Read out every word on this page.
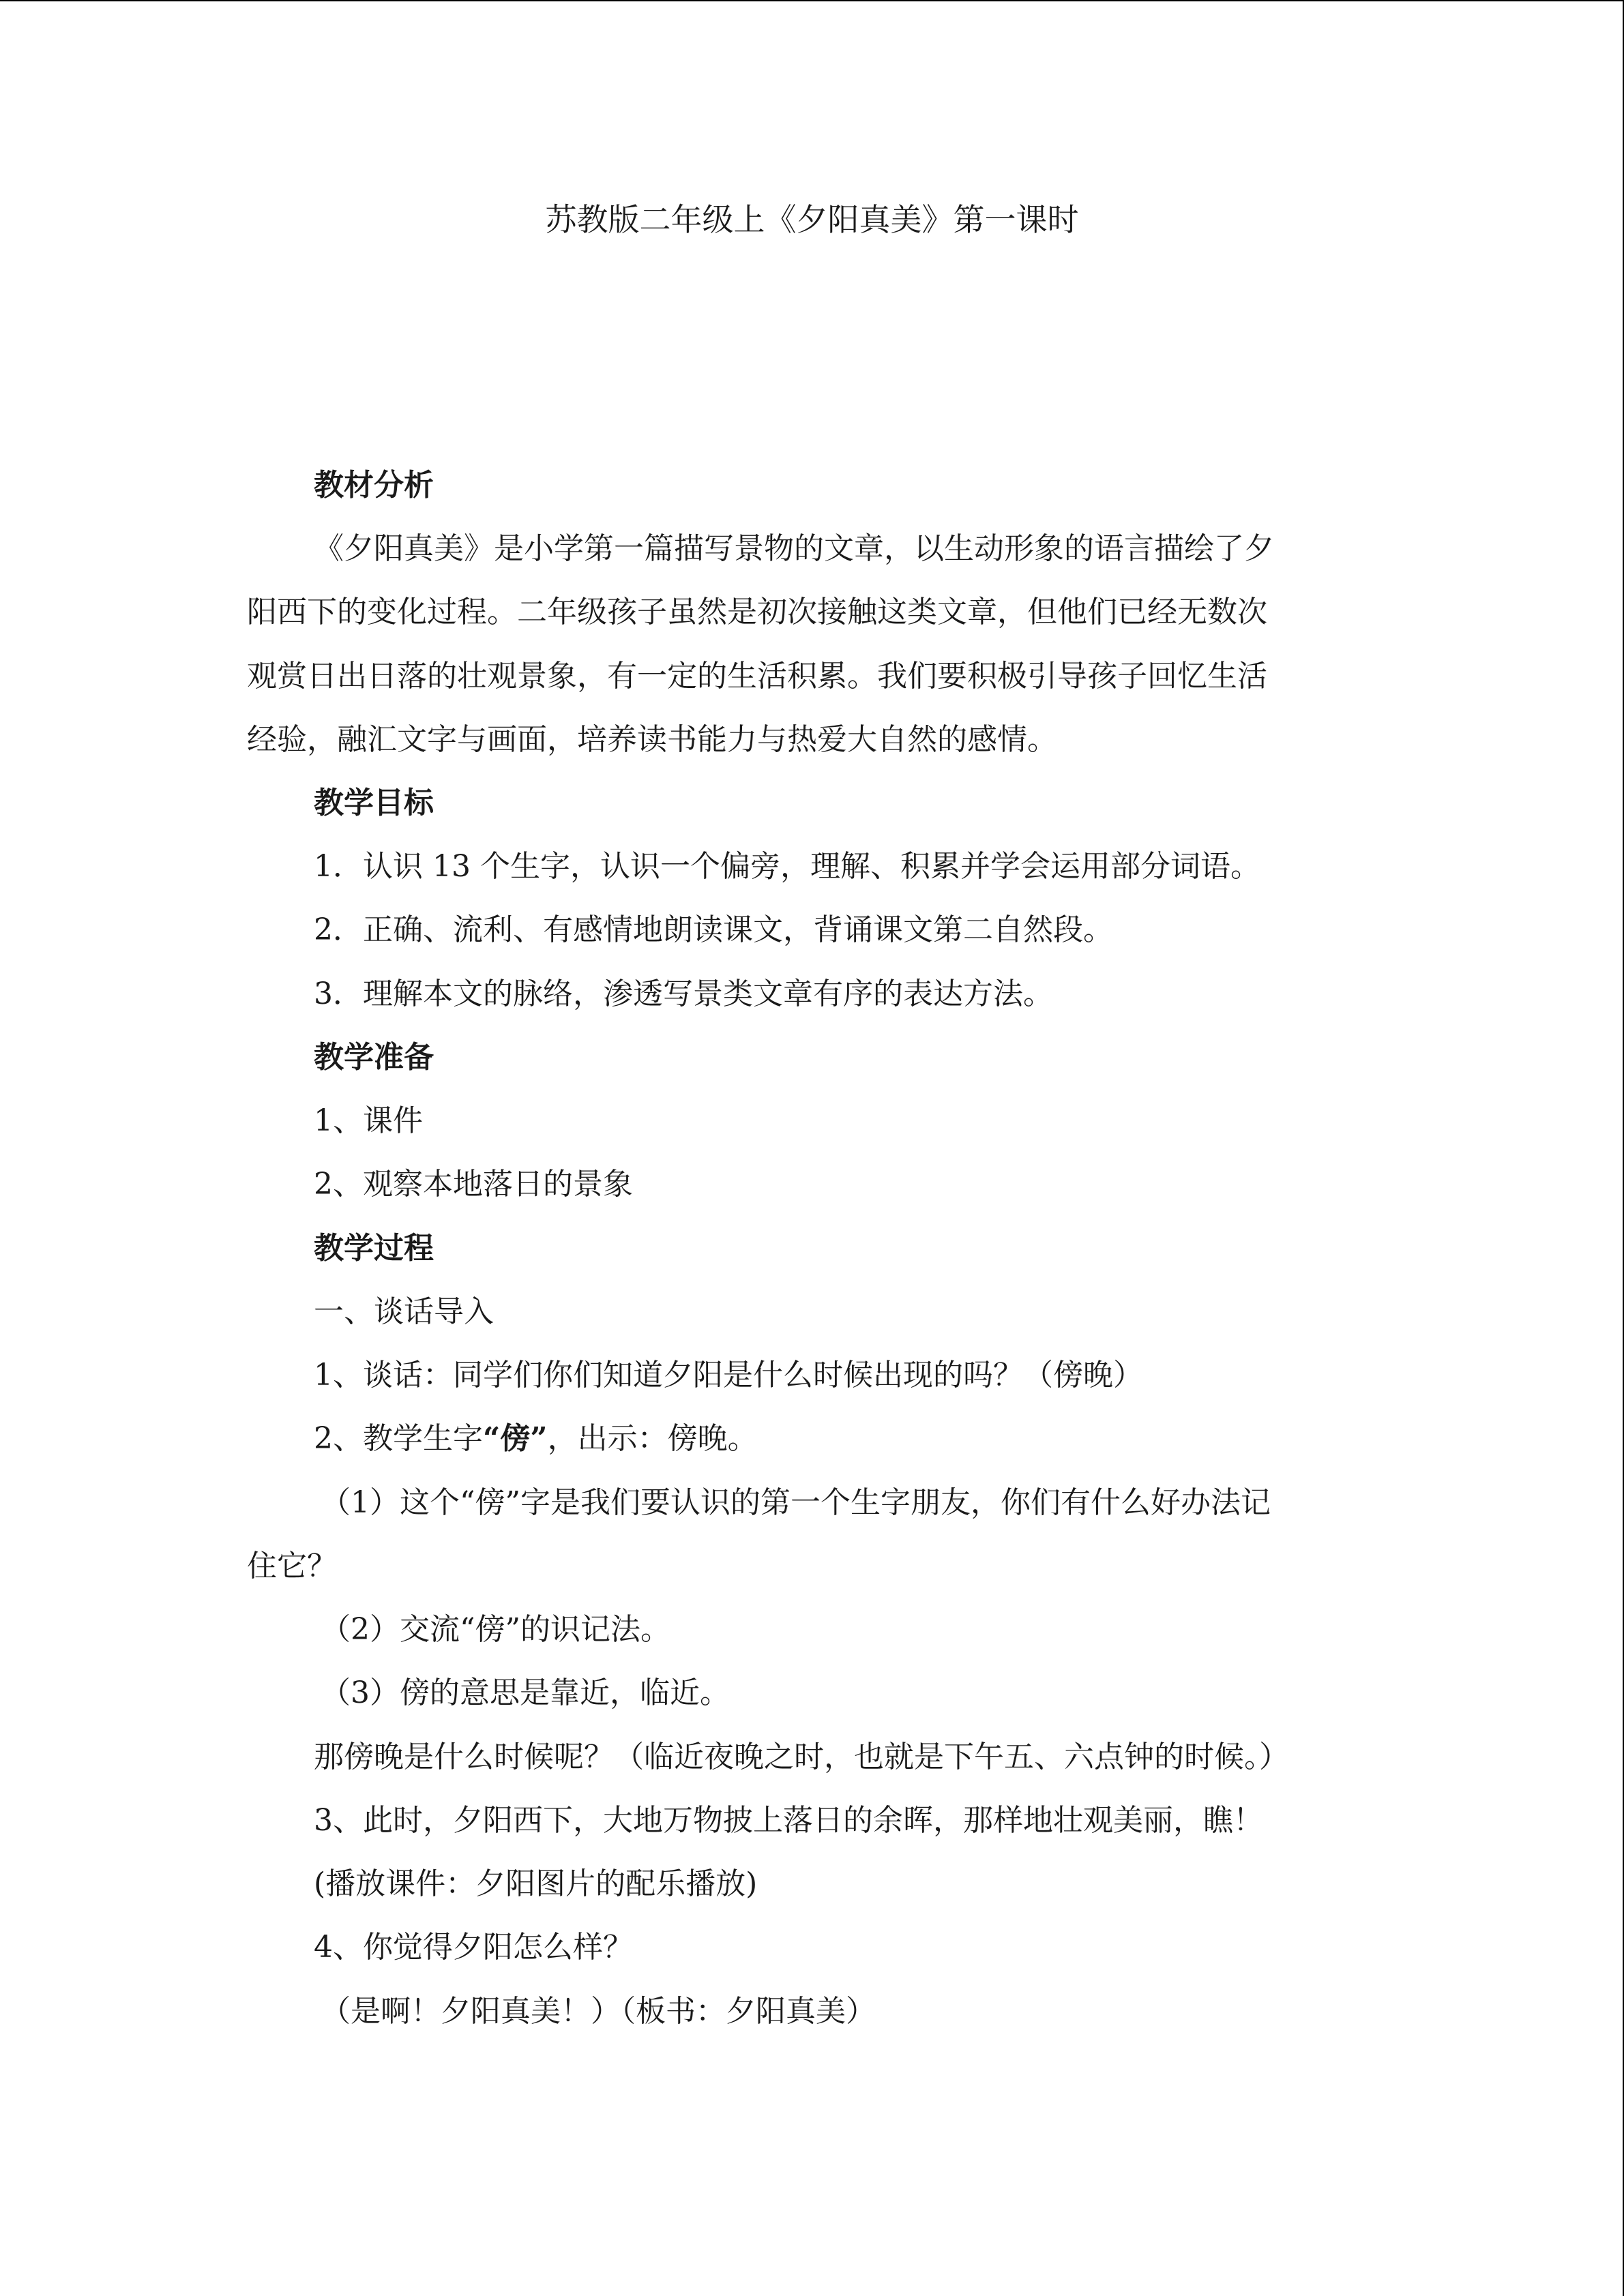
苏教版二年级上《夕阳真美》第一课时
教材分析
《夕阳真美》是小学第一篇描写景物的文章，以生动形象的语言描绘了夕
阳西下的变化过程。二年级孩子虽然是初次接触这类文章，但他们已经无数次
观赏日出日落的壮观景象，有一定的生活积累。我们要积极引导孩子回忆生活
经验，融汇文字与画面，培养读书能力与热爱大自然的感情。
教学目标
1．认识 13 个生字，认识一个偏旁，理解、积累并学会运用部分词语。
2．正确、流利、有感情地朗读课文，背诵课文第二自然段。
3．理解本文的脉络，渗透写景类文章有序的表达方法。
教学准备
1、课件
2、观察本地落日的景象
教学过程
一、谈话导入
1、谈话：同学们你们知道夕阳是什么时候出现的吗？（傍晚）
2、教学生字“傍”，出示：傍晚。
（1）这个“傍”字是我们要认识的第一个生字朋友，你们有什么好办法记
住它？
（2）交流“傍”的识记法。
（3）傍的意思是靠近，临近。
那傍晚是什么时候呢？（临近夜晚之时，也就是下午五、六点钟的时候。）
3、此时，夕阳西下，大地万物披上落日的余晖，那样地壮观美丽，瞧！
(播放课件：夕阳图片的配乐播放)
4、你觉得夕阳怎么样？
（是啊！夕阳真美！）（板书：夕阳真美）
